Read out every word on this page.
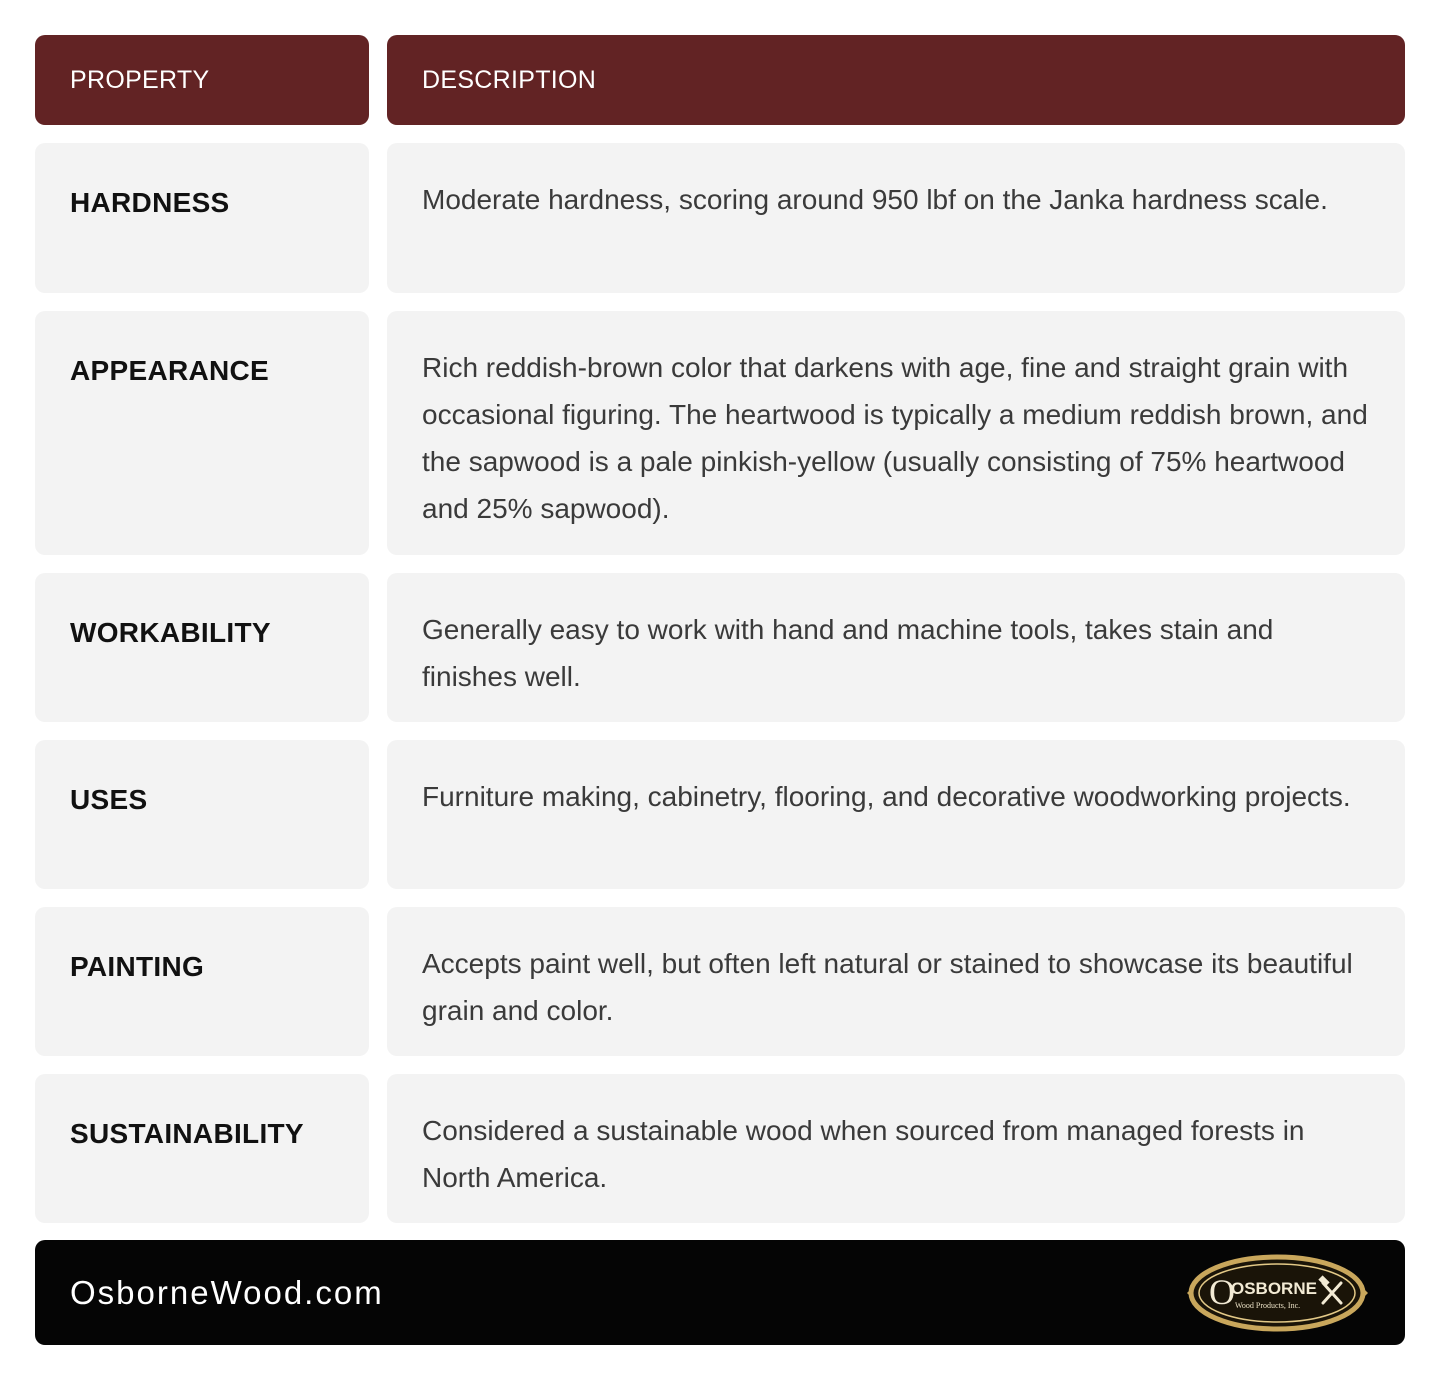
PROPERTY	DESCRIPTION
HARDNESS	Moderate hardness, scoring around 950 lbf on the Janka hardness scale.
APPEARANCE	Rich reddish-brown color that darkens with age, fine and straight grain with occasional figuring. The heartwood is typically a medium reddish brown, and the sapwood is a pale pinkish-yellow (usually consisting of 75% heartwood and 25% sapwood).
WORKABILITY	Generally easy to work with hand and machine tools, takes stain and finishes well.
USES	Furniture making, cabinetry, flooring, and decorative woodworking projects.
PAINTING	Accepts paint well, but often left natural or stained to showcase its beautiful grain and color.
SUSTAINABILITY	Considered a sustainable wood when sourced from managed forests in North America.
OsborneWood.com	O
OSBORNE
Wood Products, Inc.
